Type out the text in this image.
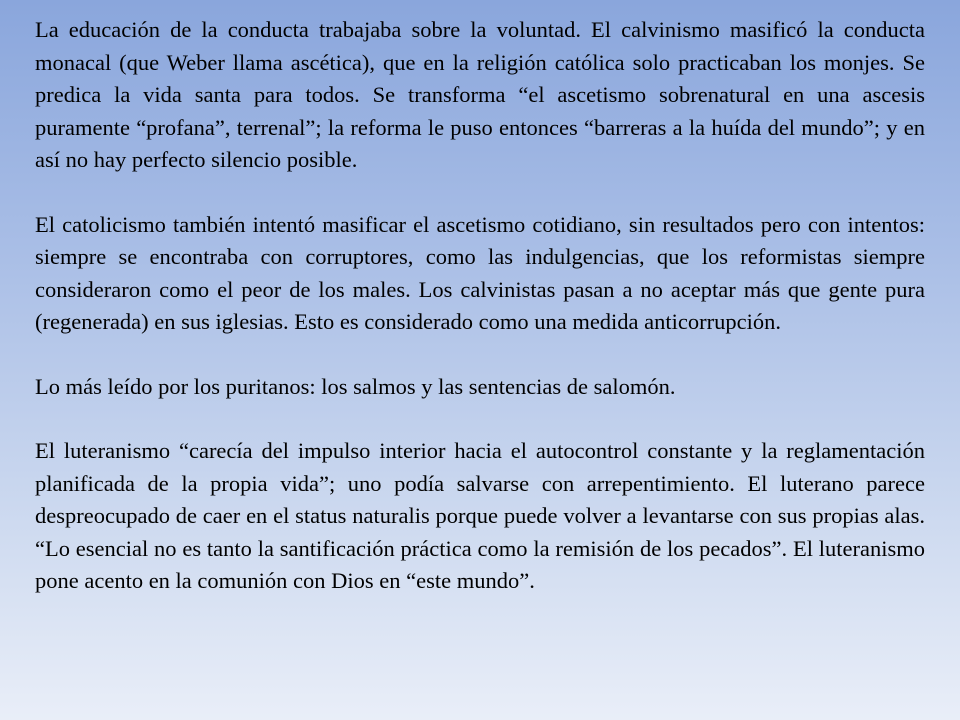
La educación de la conducta trabajaba sobre la voluntad. El calvinismo masificó la conducta monacal (que Weber llama ascética), que en la religión católica solo practicaban los monjes. Se predica la vida santa para todos. Se transforma “el ascetismo sobrenatural en una ascesis puramente “profana”, terrenal”; la reforma le puso entonces “barreras a la huída del mundo”; y en así no hay perfecto silencio posible.

El catolicismo también intentó masificar el ascetismo cotidiano, sin resultados pero con intentos: siempre se encontraba con corruptores, como las indulgencias, que los reformistas siempre consideraron como el peor de los males. Los calvinistas pasan a no aceptar más que gente pura (regenerada) en sus iglesias. Esto es considerado como una medida anticorrupción.

Lo más leído por los puritanos: los salmos y las sentencias de salomón.

El luteranismo “carecía del impulso interior hacia el autocontrol constante y la reglamentación planificada de la propia vida”; uno podía salvarse con arrepentimiento. El luterano parece despreocupado de caer en el status naturalis porque puede volver a levantarse con sus propias alas. “Lo esencial no es tanto la santificación práctica como la remisión de los pecados”. El luteranismo pone acento en la comunión con Dios en “este mundo”.
